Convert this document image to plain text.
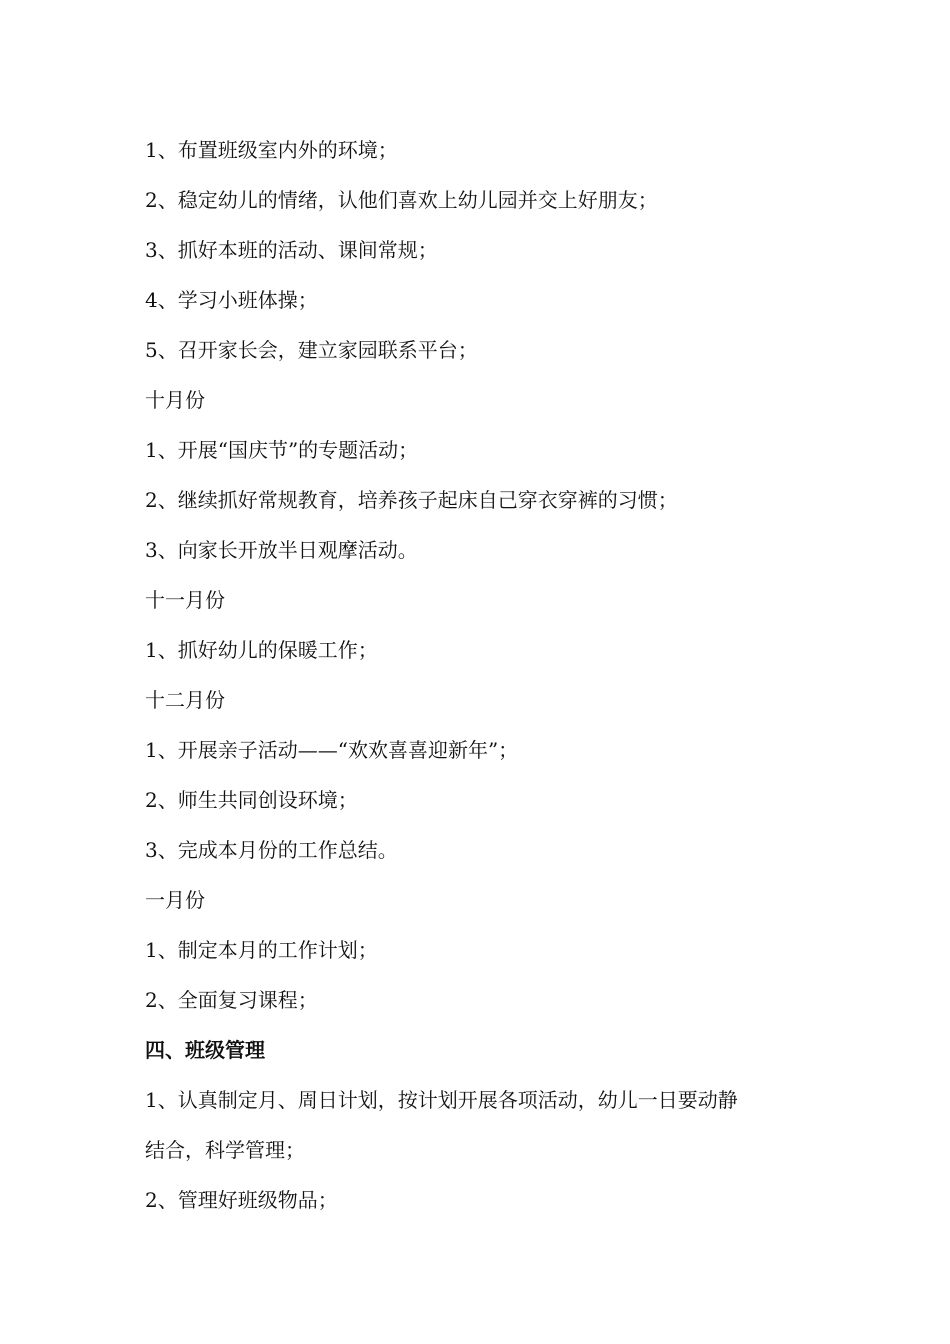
1、布置班级室内外的环境；
2、稳定幼儿的情绪，认他们喜欢上幼儿园并交上好朋友；
3、抓好本班的活动、课间常规；
4、学习小班体操；
5、召开家长会，建立家园联系平台；
十月份
1、开展“国庆节”的专题活动；
2、继续抓好常规教育，培养孩子起床自己穿衣穿裤的习惯；
3、向家长开放半日观摩活动。
十一月份
1、抓好幼儿的保暖工作；
十二月份
1、开展亲子活动——“欢欢喜喜迎新年”；
2、师生共同创设环境；
3、完成本月份的工作总结。
一月份
1、制定本月的工作计划；
2、全面复习课程；
四、班级管理
1、认真制定月、周日计划，按计划开展各项活动，幼儿一日要动静
结合，科学管理；
2、管理好班级物品；
